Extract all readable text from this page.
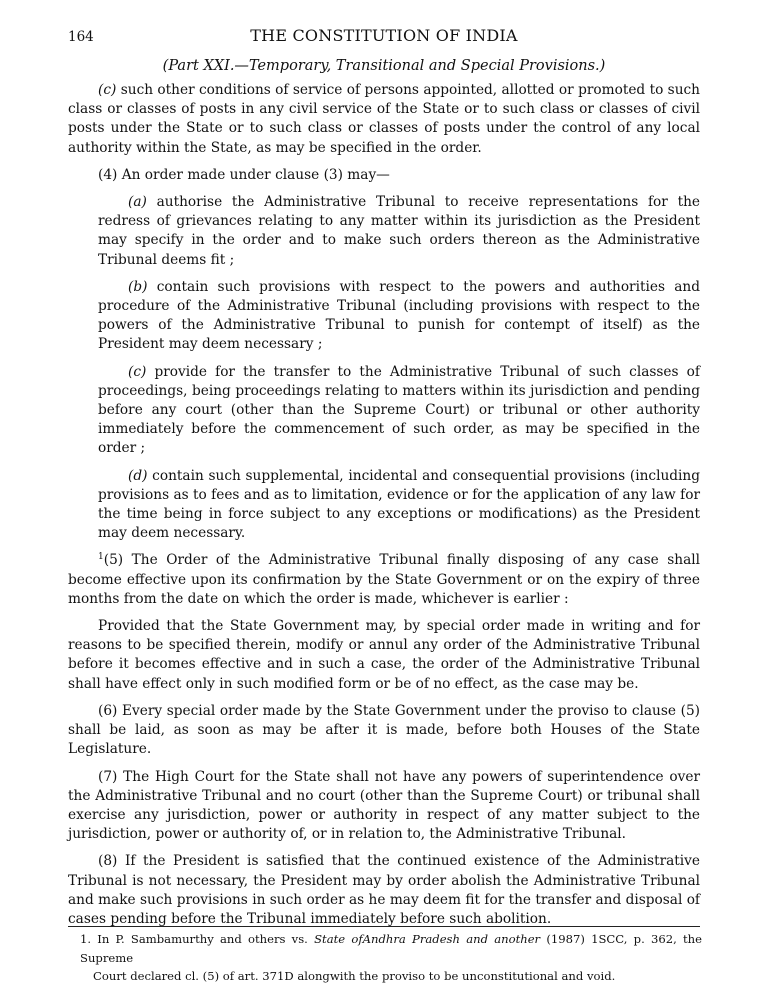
164	THE CONSTITUTION OF INDIA
(Part XXI.—Temporary, Transitional and Special Provisions.)

(c) such other conditions of service of persons appointed, allotted or promoted to such class or classes of posts in any civil service of the State or to such class or classes of civil posts under the State or to such class or classes of posts under the control of any local authority within the State, as may be specified in the order.

(4) An order made under clause (3) may—

(a) authorise the Administrative Tribunal to receive representations for the redress of grievances relating to any matter within its jurisdiction as the President may specify in the order and to make such orders thereon as the Administrative Tribunal deems fit ;

(b) contain such provisions with respect to the powers and authorities and procedure of the Administrative Tribunal (including provisions with respect to the powers of the Administrative Tribunal to punish for contempt of itself) as the President may deem necessary ;

(c) provide for the transfer to the Administrative Tribunal of such classes of proceedings, being proceedings relating to matters within its jurisdiction and pending before any court (other than the Supreme Court) or tribunal or other authority immediately before the commencement of such order, as may be specified in the order ;

(d) contain such supplemental, incidental and consequential provisions (including provisions as to fees and as to limitation, evidence or for the application of any law for the time being in force subject to any exceptions or modifications) as the President may deem necessary.

$^1$(5) The Order of the Administrative Tribunal finally disposing of any case shall become effective upon its confirmation by the State Government or on the expiry of three months from the date on which the order is made, whichever is earlier :

Provided that the State Government may, by special order made in writing and for reasons to be specified therein, modify or annul any order of the Administrative Tribunal before it becomes effective and in such a case, the order of the Administrative Tribunal shall have effect only in such modified form or be of no effect, as the case may be.

(6) Every special order made by the State Government under the proviso to clause (5) shall be laid, as soon as may be after it is made, before both Houses of the State Legislature.

(7) The High Court for the State shall not have any powers of superintendence over the Administrative Tribunal and no court (other than the Supreme Court) or tribunal shall exercise any jurisdiction, power or authority in respect of any matter subject to the jurisdiction, power or authority of, or in relation to, the Administrative Tribunal.

(8) If the President is satisfied that the continued existence of the Administrative Tribunal is not necessary, the President may by order abolish the Administrative Tribunal and make such provisions in such order as he may deem fit for the transfer and disposal of cases pending before the Tribunal immediately before such abolition.

1. In P. Sambamurthy and others vs. State ofAndhra Pradesh and another (1987) 1SCC, p. 362, the Supreme
Court declared cl. (5) of art. 371D alongwith the proviso to be unconstitutional and void.
